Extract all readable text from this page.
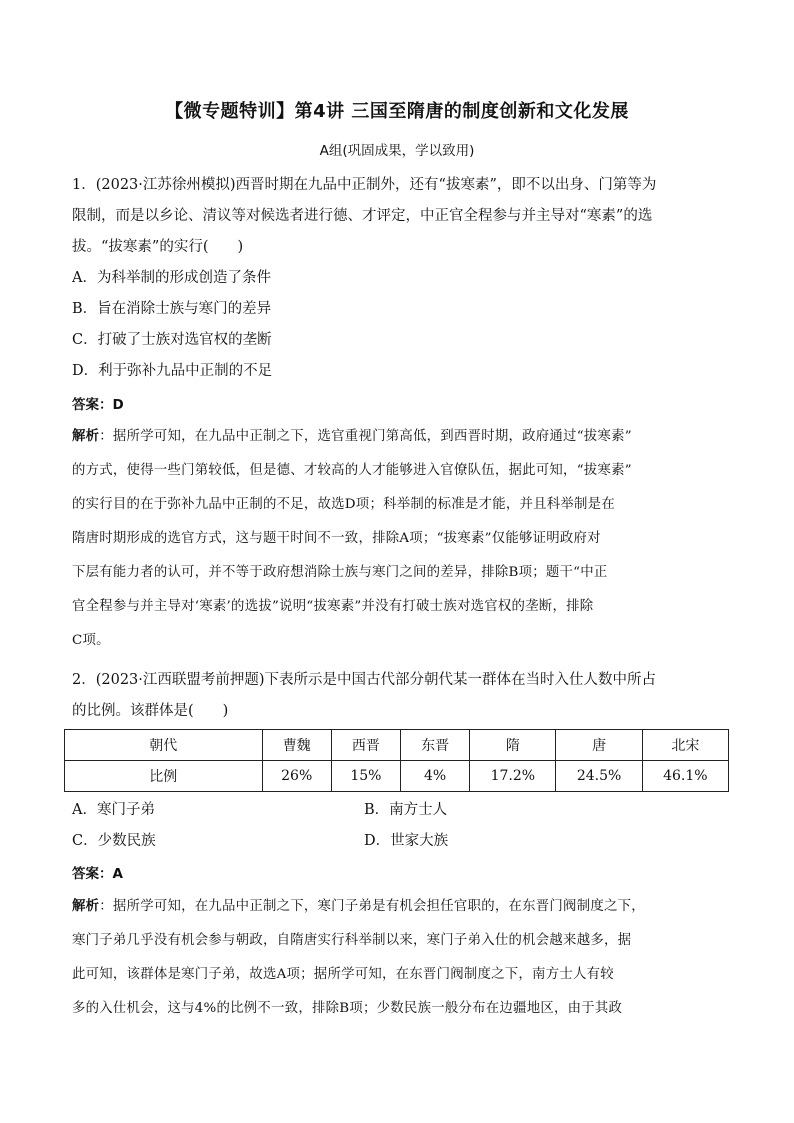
【微专题特训】第4讲 三国至隋唐的制度创新和文化发展
A组(巩固成果，学以致用)
1．(2023·江苏徐州模拟)西晋时期在九品中正制外，还有“拔寒素”，即不以出身、门第等为
限制，而是以乡论、清议等对候选者进行德、才评定，中正官全程参与并主导对“寒素”的选
拔。“拔寒素”的实行(　　)
A．为科举制的形成创造了条件
B．旨在消除士族与寒门的差异
C．打破了士族对选官权的垄断
D．利于弥补九品中正制的不足
答案：D
解析：据所学可知，在九品中正制之下，选官重视门第高低，到西晋时期，政府通过“拔寒素”
的方式，使得一些门第较低，但是德、才较高的人才能够进入官僚队伍，据此可知，“拔寒素”
的实行目的在于弥补九品中正制的不足，故选D项；科举制的标准是才能，并且科举制是在
隋唐时期形成的选官方式，这与题干时间不一致，排除A项；“拔寒素”仅能够证明政府对
下层有能力者的认可，并不等于政府想消除士族与寒门之间的差异，排除B项；题干“中正
官全程参与并主导对‘寒素’的选拔”说明“拔寒素”并没有打破士族对选官权的垄断，排除
C项。
2．(2023·江西联盟考前押题)下表所示是中国古代部分朝代某一群体在当时入仕人数中所占
的比例。该群体是(　　)
朝代	曹魏	西晋	东晋	隋	唐	北宋
比例	26%	15%	4%	17.2%	24.5%	46.1%
A．寒门子弟	B．南方士人
C．少数民族	D．世家大族
答案：A
解析：据所学可知，在九品中正制之下，寒门子弟是有机会担任官职的，在东晋门阀制度之下，
寒门子弟几乎没有机会参与朝政，自隋唐实行科举制以来，寒门子弟入仕的机会越来越多，据
此可知，该群体是寒门子弟，故选A项；据所学可知，在东晋门阀制度之下，南方士人有较
多的入仕机会，这与4%的比例不一致，排除B项；少数民族一般分布在边疆地区，由于其政
